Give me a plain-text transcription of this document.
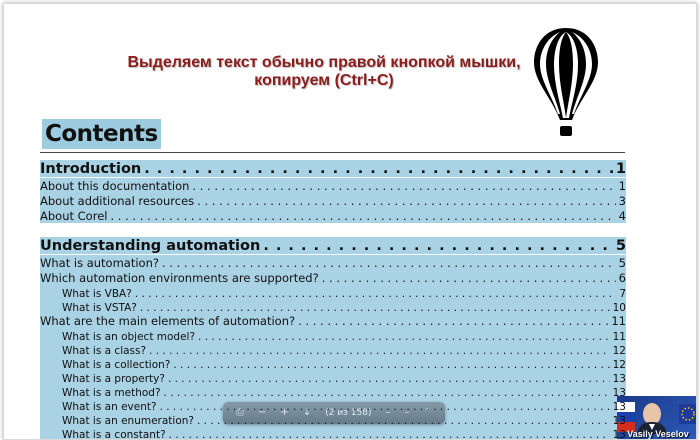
Выделяем текст обычно правой кнопкой мышки,
копируем (Ctrl+C)
Contents
Introduction . . .	1
About this documentation . . .	1
About additional resources . . .	3
About Corel . . .	4
Understanding automation . . .	5
What is automation? . . .	5
Which automation environments are supported? . . .	6
What is VBA? . . .	7
What is VSTA? . . .	10
What are the main elements of automation? . . .	11
What is an object model? . . .	11
What is a class? . . .	12
What is a collection? . . .	12
What is a property? . . .	13
What is a method? . . .	13
What is an event? . . .	13
What is an enumeration? . . .	13
What is a constant? . . .	13
⎙ − + ↓ (2 из 158) – – ⌃
Vasily Veselov
